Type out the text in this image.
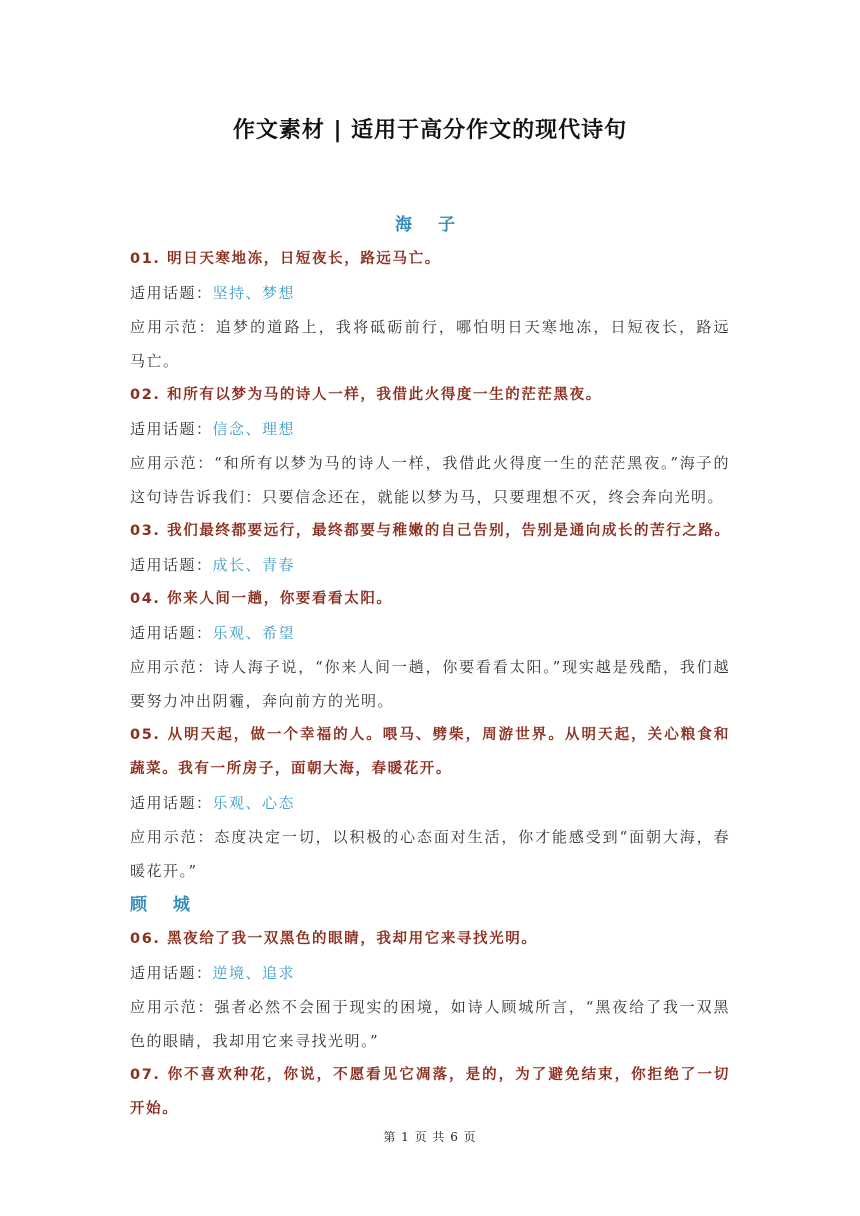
作文素材 | 适用于高分作文的现代诗句
海 子
01. 明日天寒地冻，日短夜长，路远马亡。
适用话题：坚持、梦想
应用示范：追梦的道路上，我将砥砺前行，哪怕明日天寒地冻，日短夜长，路远
马亡。
02. 和所有以梦为马的诗人一样，我借此火得度一生的茫茫黑夜。
适用话题：信念、理想
应用示范：“和所有以梦为马的诗人一样，我借此火得度一生的茫茫黑夜。”海子的
这句诗告诉我们：只要信念还在，就能以梦为马，只要理想不灭，终会奔向光明。
03. 我们最终都要远行，最终都要与稚嫩的自己告别，告别是通向成长的苦行之路。
适用话题：成长、青春
04. 你来人间一趟，你要看看太阳。
适用话题：乐观、希望
应用示范：诗人海子说，“你来人间一趟，你要看看太阳。”现实越是残酷，我们越
要努力冲出阴霾，奔向前方的光明。
05. 从明天起，做一个幸福的人。喂马、劈柴，周游世界。从明天起，关心粮食和
蔬菜。我有一所房子，面朝大海，春暖花开。
适用话题：乐观、心态
应用示范：态度决定一切，以积极的心态面对生活，你才能感受到“面朝大海，春
暖花开。”
顾 城
06. 黑夜给了我一双黑色的眼睛，我却用它来寻找光明。
适用话题：逆境、追求
应用示范：强者必然不会囿于现实的困境，如诗人顾城所言，“黑夜给了我一双黑
色的眼睛，我却用它来寻找光明。”
07. 你不喜欢种花，你说，不愿看见它凋落，是的，为了避免结束，你拒绝了一切
开始。
第 1 页 共 6 页
